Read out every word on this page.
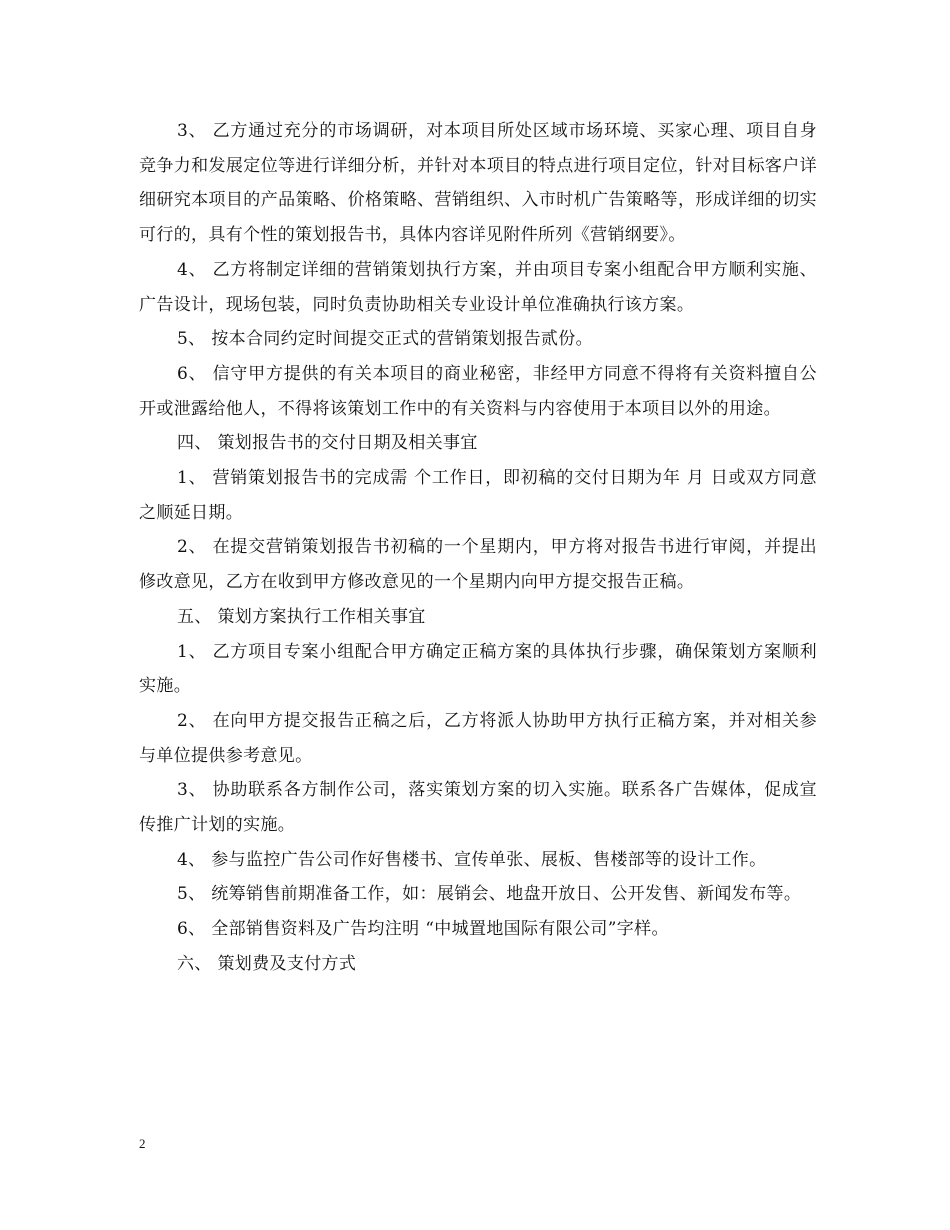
3、 乙方通过充分的市场调研，对本项目所处区域市场环境、买家心理、项目自身竞争力和发展定位等进行详细分析，并针对本项目的特点进行项目定位，针对目标客户详细研究本项目的产品策略、价格策略、营销组织、入市时机广告策略等，形成详细的切实可行的，具有个性的策划报告书，具体内容详见附件所列《营销纲要》。

4、 乙方将制定详细的营销策划执行方案，并由项目专案小组配合甲方顺利实施、广告设计，现场包装，同时负责协助相关专业设计单位准确执行该方案。

5、 按本合同约定时间提交正式的营销策划报告贰份。

6、 信守甲方提供的有关本项目的商业秘密，非经甲方同意不得将有关资料擅自公开或泄露给他人，不得将该策划工作中的有关资料与内容使用于本项目以外的用途。

四、 策划报告书的交付日期及相关事宜

1、 营销策划报告书的完成需 个工作日，即初稿的交付日期为年 月 日或双方同意之顺延日期。

2、 在提交营销策划报告书初稿的一个星期内，甲方将对报告书进行审阅，并提出修改意见，乙方在收到甲方修改意见的一个星期内向甲方提交报告正稿。

五、 策划方案执行工作相关事宜

1、 乙方项目专案小组配合甲方确定正稿方案的具体执行步骤，确保策划方案顺利实施。

2、 在向甲方提交报告正稿之后，乙方将派人协助甲方执行正稿方案，并对相关参与单位提供参考意见。

3、 协助联系各方制作公司，落实策划方案的切入实施。联系各广告媒体，促成宣传推广计划的实施。

4、 参与监控广告公司作好售楼书、宣传单张、展板、售楼部等的设计工作。

5、 统筹销售前期准备工作，如：展销会、地盘开放日、公开发售、新闻发布等。

6、 全部销售资料及广告均注明 “中城置地国际有限公司”字样。

六、 策划费及支付方式

2
